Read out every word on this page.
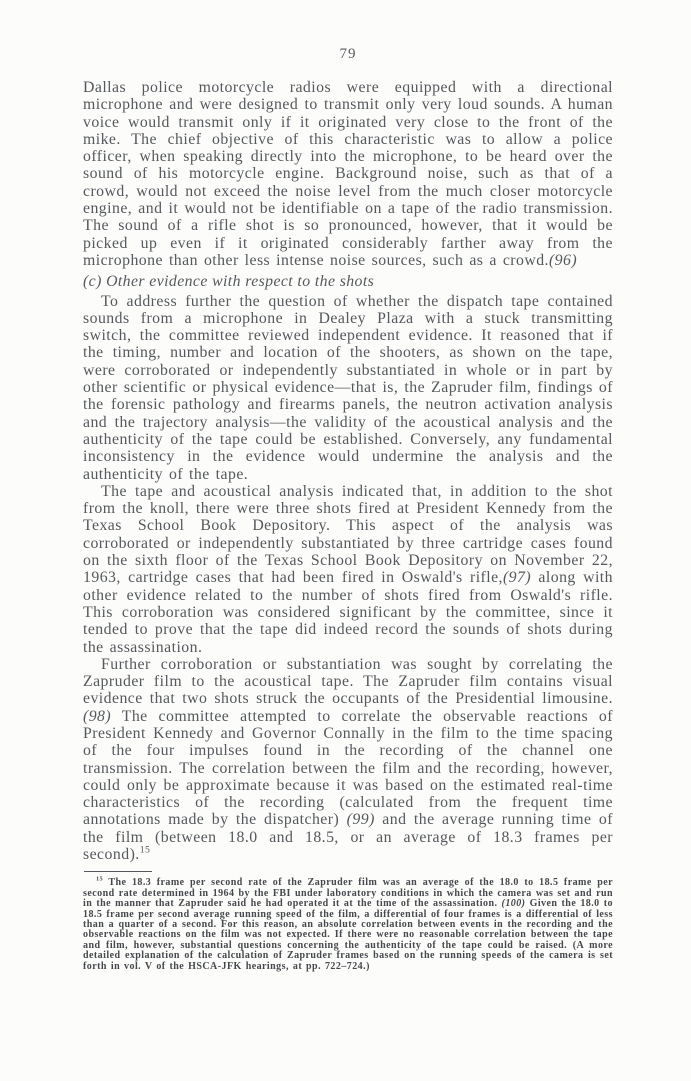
79

Dallas police motorcycle radios were equipped with a directional microphone and were designed to transmit only very loud sounds. A human voice would transmit only if it originated very close to the front of the mike. The chief objective of this characteristic was to allow a police officer, when speaking directly into the microphone, to be heard over the sound of his motorcycle engine. Background noise, such as that of a crowd, would not exceed the noise level from the much closer motorcycle engine, and it would not be identifiable on a tape of the radio transmission. The sound of a rifle shot is so pronounced, however, that it would be picked up even if it originated considerably farther away from the microphone than other less intense noise sources, such as a crowd.(96)

(c) Other evidence with respect to the shots

To address further the question of whether the dispatch tape contained sounds from a microphone in Dealey Plaza with a stuck transmitting switch, the committee reviewed independent evidence. It reasoned that if the timing, number and location of the shooters, as shown on the tape, were corroborated or independently substantiated in whole or in part by other scientific or physical evidence—that is, the Zapruder film, findings of the forensic pathology and firearms panels, the neutron activation analysis and the trajectory analysis—the validity of the acoustical analysis and the authenticity of the tape could be established. Conversely, any fundamental inconsistency in the evidence would undermine the analysis and the authenticity of the tape.

The tape and acoustical analysis indicated that, in addition to the shot from the knoll, there were three shots fired at President Kennedy from the Texas School Book Depository. This aspect of the analysis was corroborated or independently substantiated by three cartridge cases found on the sixth floor of the Texas School Book Depository on November 22, 1963, cartridge cases that had been fired in Oswald's rifle,(97) along with other evidence related to the number of shots fired from Oswald's rifle. This corroboration was considered significant by the committee, since it tended to prove that the tape did indeed record the sounds of shots during the assassination.

Further corroboration or substantiation was sought by correlating the Zapruder film to the acoustical tape. The Zapruder film contains visual evidence that two shots struck the occupants of the Presidential limousine.(98) The committee attempted to correlate the observable reactions of President Kennedy and Governor Connally in the film to the time spacing of the four impulses found in the recording of the channel one transmission. The correlation between the film and the recording, however, could only be approximate because it was based on the estimated real-time characteristics of the recording (calculated from the frequent time annotations made by the dispatcher) (99) and the average running time of the film (between 18.0 and 18.5, or an average of 18.3 frames per second).$^{15}$

$^{15}$ The 18.3 frame per second rate of the Zapruder film was an average of the 18.0 to 18.5 frame per second rate determined in 1964 by the FBI under laboratory conditions in which the camera was set and run in the manner that Zapruder said he had operated it at the time of the assassination. (100) Given the 18.0 to 18.5 frame per second average running speed of the film, a differential of four frames is a differential of less than a quarter of a second. For this reason, an absolute correlation between events in the recording and the observable reactions on the film was not expected. If there were no reasonable correlation between the tape and film, however, substantial questions concerning the authenticity of the tape could be raised. (A more detailed explanation of the calculation of Zapruder frames based on the running speeds of the camera is set forth in vol. V of the HSCA-JFK hearings, at pp. 722–724.)
